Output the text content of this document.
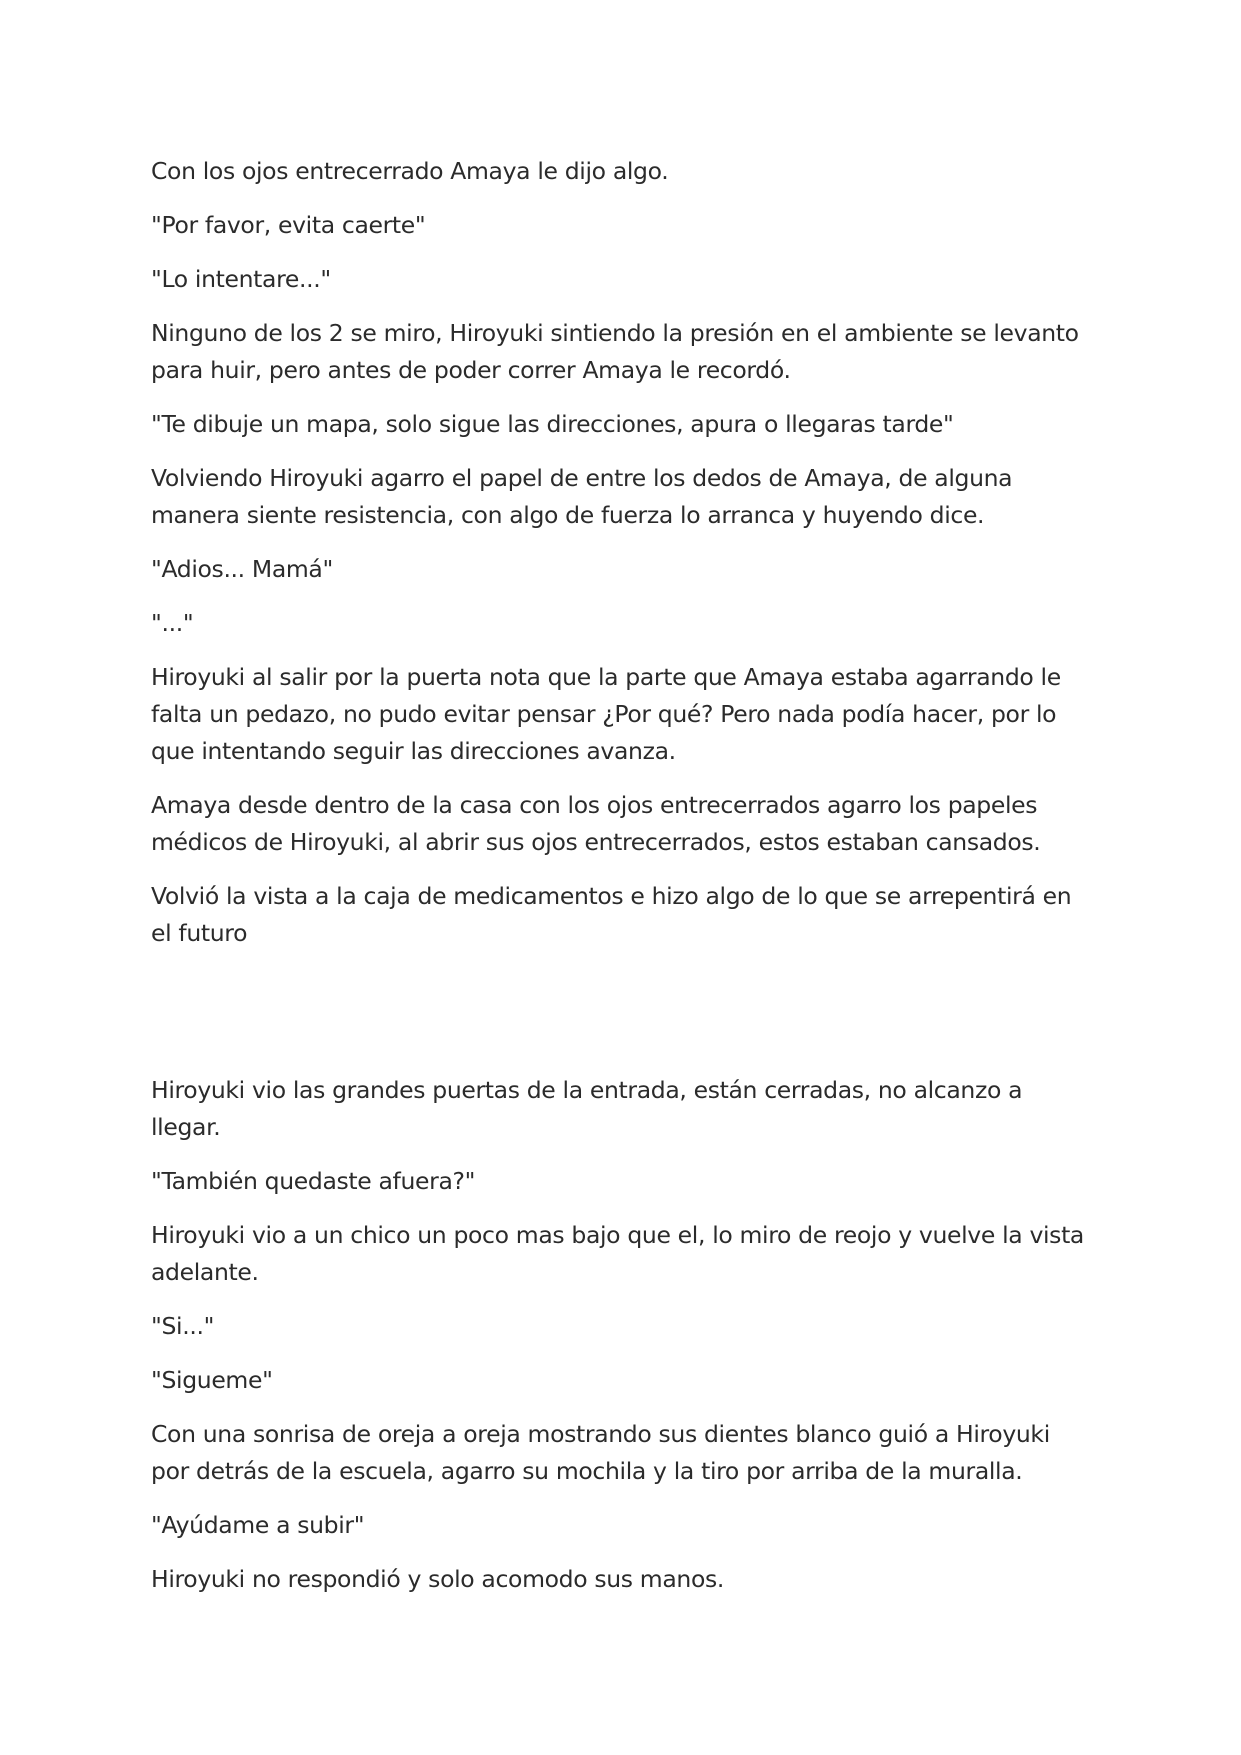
Con los ojos entrecerrado Amaya le dijo algo.

"Por favor, evita caerte"

"Lo intentare..."

Ninguno de los 2 se miro, Hiroyuki sintiendo la presión en el ambiente se levanto para huir, pero antes de poder correr Amaya le recordó.

"Te dibuje un mapa, solo sigue las direcciones, apura o llegaras tarde"

Volviendo Hiroyuki agarro el papel de entre los dedos de Amaya, de alguna manera siente resistencia, con algo de fuerza lo arranca y huyendo dice.

"Adios... Mamá"

"..."

Hiroyuki al salir por la puerta nota que la parte que Amaya estaba agarrando le falta un pedazo, no pudo evitar pensar ¿Por qué? Pero nada podía hacer, por lo que intentando seguir las direcciones avanza.

Amaya desde dentro de la casa con los ojos entrecerrados agarro los papeles médicos de Hiroyuki, al abrir sus ojos entrecerrados, estos estaban cansados.

Volvió la vista a la caja de medicamentos e hizo algo de lo que se arrepentirá en el futuro

Hiroyuki vio las grandes puertas de la entrada, están cerradas, no alcanzo a llegar.

"También quedaste afuera?"

Hiroyuki vio a un chico un poco mas bajo que el, lo miro de reojo y vuelve la vista adelante.

"Si..."

"Sigueme"

Con una sonrisa de oreja a oreja mostrando sus dientes blanco guió a Hiroyuki por detrás de la escuela, agarro su mochila y la tiro por arriba de la muralla.

"Ayúdame a subir"

Hiroyuki no respondió y solo acomodo sus manos.
